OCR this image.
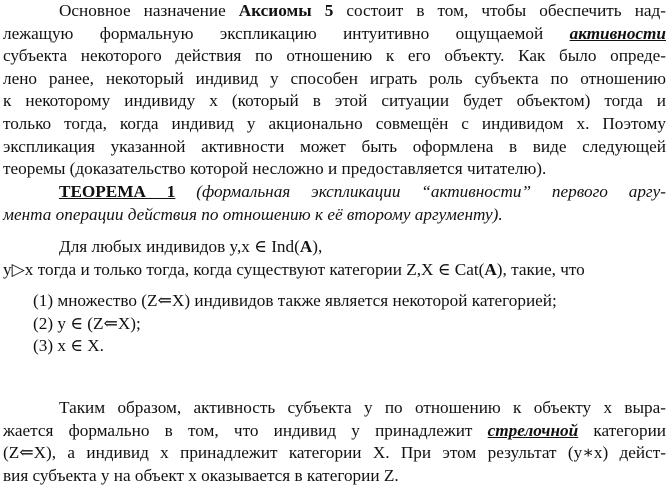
Основное назначение Аксиомы 5 состоит в том, чтобы обеспечить над-
лежащую формальную экспликацию интуитивно ощущаемой активности
субъекта некоторого действия по отношению к его объекту. Как было опреде-
лено ранее, некоторый индивид y способен играть роль субъекта по отношению
к некоторому индивиду x (который в этой ситуации будет объектом) тогда и
только тогда, когда индивид y акционально совмещён с индивидом x. Поэтому
экспликация указанной активности может быть оформлена в виде следующей
теоремы (доказательство которой несложно и предоставляется читателю).
ТЕОРЕМА 1 (формальная экспликации “активности” первого аргу-
мента операции действия по отношению к её второму аргументу).
Для любых индивидов y,x ∈ Ind(A),
y▷x тогда и только тогда, когда существуют категории Z,X ∈ Cat(A), такие, что
(1) множество (Z⇐X) индивидов также является некоторой категорией;
(2) y ∈ (Z⇐X);
(3) x ∈ X.
Таким образом, активность субъекта y по отношению к объекту x выра-
жается формально в том, что индивид y принадлежит стрелочной категории
(Z⇐X), а индивид x принадлежит категории X. При этом результат (y∗x) дейст-
вия субъекта y на объект x оказывается в категории Z.
